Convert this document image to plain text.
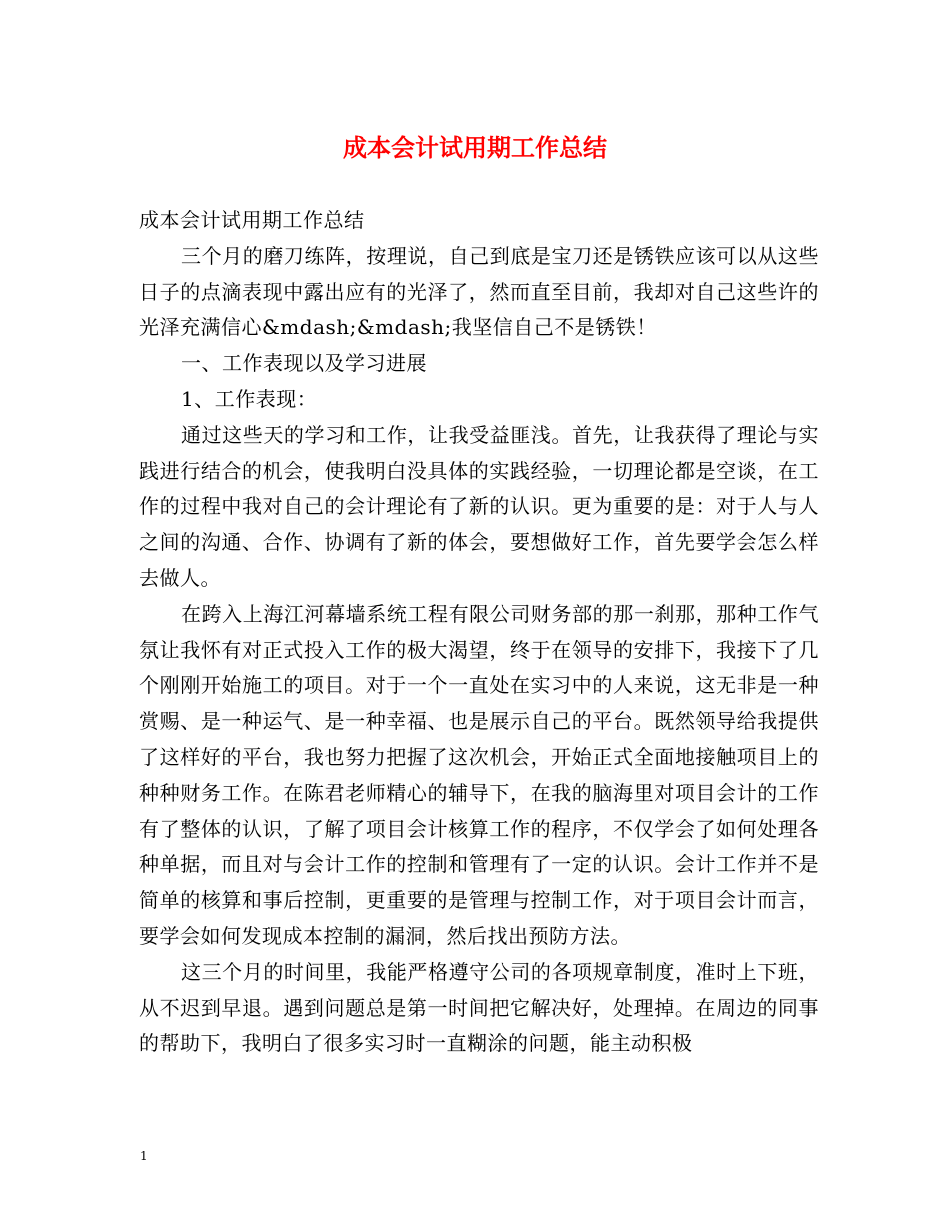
成本会计试用期工作总结

成本会计试用期工作总结

三个月的磨刀练阵，按理说，自己到底是宝刀还是锈铁应该可以从这些日子的点滴表现中露出应有的光泽了，然而直至目前，我却对自己这些许的光泽充满信心&mdash;&mdash;我坚信自己不是锈铁！

一、工作表现以及学习进展

1、工作表现：

通过这些天的学习和工作，让我受益匪浅。首先，让我获得了理论与实践进行结合的机会，使我明白没具体的实践经验，一切理论都是空谈，在工作的过程中我对自己的会计理论有了新的认识。更为重要的是：对于人与人之间的沟通、合作、协调有了新的体会，要想做好工作，首先要学会怎么样去做人。

在跨入上海江河幕墙系统工程有限公司财务部的那一刹那，那种工作气氛让我怀有对正式投入工作的极大渴望，终于在领导的安排下，我接下了几个刚刚开始施工的项目。对于一个一直处在实习中的人来说，这无非是一种赏赐、是一种运气、是一种幸福、也是展示自己的平台。既然领导给我提供了这样好的平台，我也努力把握了这次机会，开始正式全面地接触项目上的种种财务工作。在陈君老师精心的辅导下，在我的脑海里对项目会计的工作有了整体的认识，了解了项目会计核算工作的程序，不仅学会了如何处理各种单据，而且对与会计工作的控制和管理有了一定的认识。会计工作并不是简单的核算和事后控制，更重要的是管理与控制工作，对于项目会计而言，要学会如何发现成本控制的漏洞，然后找出预防方法。

这三个月的时间里，我能严格遵守公司的各项规章制度，准时上下班，从不迟到早退。遇到问题总是第一时间把它解决好，处理掉。在周边的同事的帮助下，我明白了很多实习时一直糊涂的问题，能主动积极

1
